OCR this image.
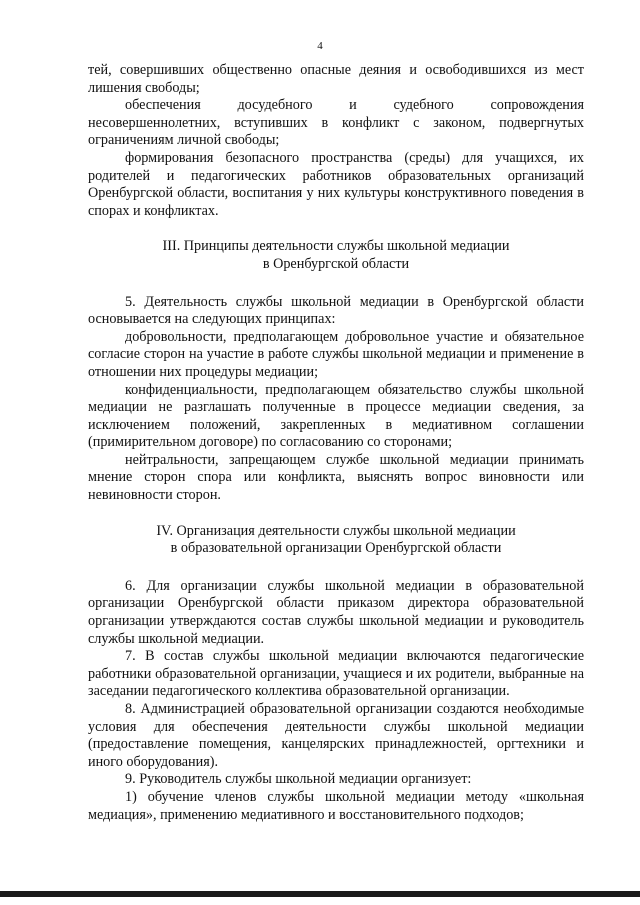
4

тей, совершивших общественно опасные деяния и освободившихся из мест лишения свободы;

обеспечения досудебного и судебного сопровождения несовершеннолетних, вступивших в конфликт с законом, подвергнутых ограничениям личной свободы;

формирования безопасного пространства (среды) для учащихся, их родителей и педагогических работников образовательных организаций Оренбургской области, воспитания у них культуры конструктивного поведения в спорах и конфликтах.

III. Принципы деятельности службы школьной медиации
в Оренбургской области

5. Деятельность службы школьной медиации в Оренбургской области основывается на следующих принципах:

добровольности, предполагающем добровольное участие и обязательное согласие сторон на участие в работе службы школьной медиации и применение в отношении них процедуры медиации;

конфиденциальности, предполагающем обязательство службы школьной медиации не разглашать полученные в процессе медиации сведения, за исключением положений, закрепленных в медиативном соглашении (примирительном договоре) по согласованию со сторонами;

нейтральности, запрещающем службе школьной медиации принимать мнение сторон спора или конфликта, выяснять вопрос виновности или невиновности сторон.

IV. Организация деятельности службы школьной медиации
в образовательной организации Оренбургской области

6. Для организации службы школьной медиации в образовательной организации Оренбургской области приказом директора образовательной организации утверждаются состав службы школьной медиации и руководитель службы школьной медиации.

7. В состав службы школьной медиации включаются педагогические работники образовательной организации, учащиеся и их родители, выбранные на заседании педагогического коллектива образовательной организации.

8. Администрацией образовательной организации создаются необходимые условия для обеспечения деятельности службы школьной медиации (предоставление помещения, канцелярских принадлежностей, оргтехники и иного оборудования).

9. Руководитель службы школьной медиации организует:

1) обучение членов службы школьной медиации методу «школьная медиация», применению медиативного и восстановительного подходов;
